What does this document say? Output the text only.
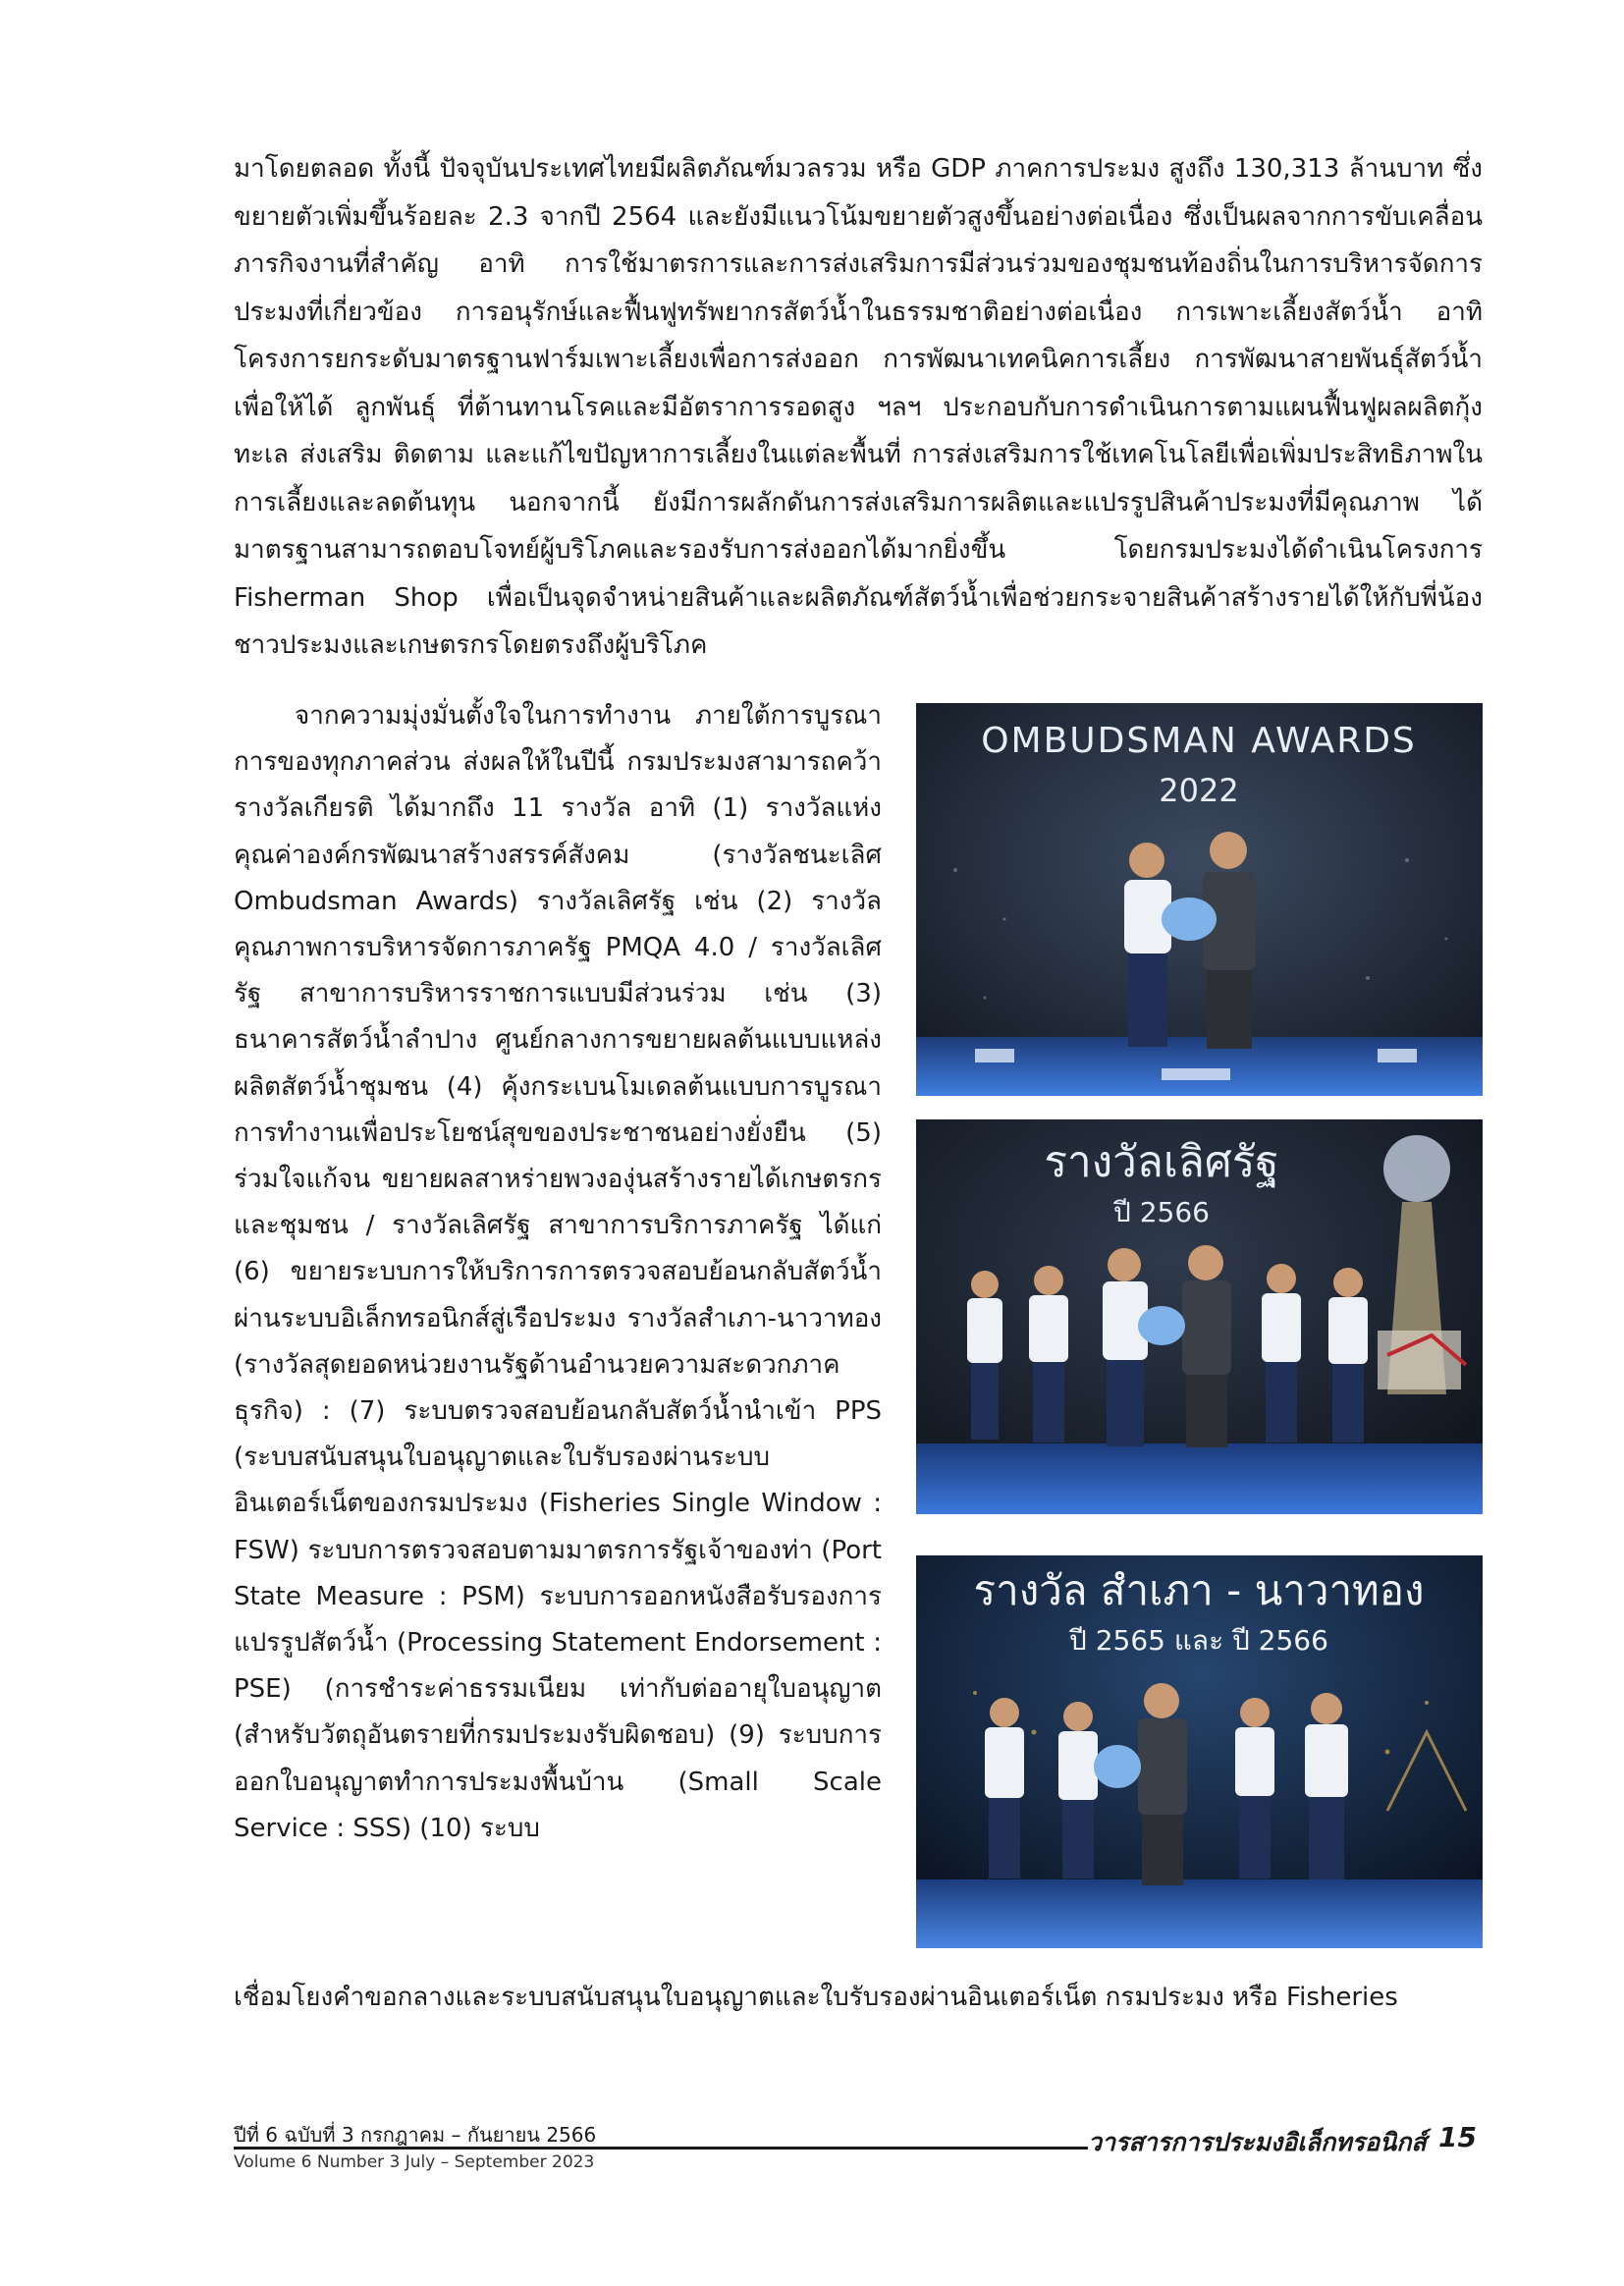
มาโดยตลอด ทั้งนี้ ปัจจุบันประเทศไทยมีผลิตภัณฑ์มวลรวม หรือ GDP ภาคการประมง สูงถึง 130,313 ล้านบาท ซึ่งขยายตัวเพิ่มขึ้นร้อยละ 2.3 จากปี 2564 และยังมีแนวโน้มขยายตัวสูงขึ้นอย่างต่อเนื่อง ซึ่งเป็นผลจากการขับเคลื่อนภารกิจงานที่สำคัญ อาทิ การใช้มาตรการและการส่งเสริมการมีส่วนร่วมของชุมชนท้องถิ่นในการบริหารจัดการประมงที่เกี่ยวข้อง การอนุรักษ์และฟื้นฟูทรัพยากรสัตว์น้ำในธรรมชาติอย่างต่อเนื่อง การเพาะเลี้ยงสัตว์น้ำ อาทิ โครงการยกระดับมาตรฐานฟาร์มเพาะเลี้ยงเพื่อการส่งออก การพัฒนาเทคนิคการเลี้ยง การพัฒนาสายพันธุ์สัตว์น้ำเพื่อให้ได้ ลูกพันธุ์ ที่ต้านทานโรคและมีอัตราการรอดสูง ฯลฯ ประกอบกับการดำเนินการตามแผนฟื้นฟูผลผลิตกุ้งทะเล ส่งเสริม ติดตาม และแก้ไขปัญหาการเลี้ยงในแต่ละพื้นที่ การส่งเสริมการใช้เทคโนโลยีเพื่อเพิ่มประสิทธิภาพในการเลี้ยงและลดต้นทุน นอกจากนี้ ยังมีการผลักดันการส่งเสริมการผลิตและแปรรูปสินค้าประมงที่มีคุณภาพ ได้มาตรฐานสามารถตอบโจทย์ผู้บริโภคและรองรับการส่งออกได้มากยิ่งขึ้น โดยกรมประมงได้ดำเนินโครงการ Fisherman Shop เพื่อเป็นจุดจำหน่ายสินค้าและผลิตภัณฑ์สัตว์น้ำเพื่อช่วยกระจายสินค้าสร้างรายได้ให้กับพี่น้องชาวประมงและเกษตรกรโดยตรงถึงผู้บริโภค

จากความมุ่งมั่นตั้งใจในการทำงาน ภายใต้การบูรณาการของทุกภาคส่วน ส่งผลให้ในปีนี้ กรมประมงสามารถคว้ารางวัลเกียรติ ได้มากถึง 11 รางวัล อาทิ (1) รางวัลแห่งคุณค่าองค์กรพัฒนาสร้างสรรค์สังคม (รางวัลชนะเลิศ Ombudsman Awards) รางวัลเลิศรัฐ เช่น (2) รางวัลคุณภาพการบริหารจัดการภาครัฐ PMQA 4.0 / รางวัลเลิศรัฐ สาขาการบริหารราชการแบบมีส่วนร่วม เช่น (3) ธนาคารสัตว์น้ำลำปาง ศูนย์กลางการขยายผลต้นแบบแหล่งผลิตสัตว์น้ำชุมชน (4) คุ้งกระเบนโมเดลต้นแบบการบูรณาการทำงานเพื่อประโยชน์สุขของประชาชนอย่างยั่งยืน (5) ร่วมใจแก้จน ขยายผลสาหร่ายพวงองุ่นสร้างรายได้เกษตรกรและชุมชน / รางวัลเลิศรัฐ สาขาการบริการภาครัฐ ได้แก่ (6) ขยายระบบการให้บริการการตรวจสอบย้อนกลับสัตว์น้ำผ่านระบบอิเล็กทรอนิกส์สู่เรือประมง รางวัลสำเภา-นาวาทอง (รางวัลสุดยอดหน่วยงานรัฐด้านอำนวยความสะดวกภาคธุรกิจ) : (7) ระบบตรวจสอบย้อนกลับสัตว์น้ำนำเข้า PPS (ระบบสนับสนุนใบอนุญาตและใบรับรองผ่านระบบอินเตอร์เน็ตของกรมประมง (Fisheries Single Window : FSW) ระบบการตรวจสอบตามมาตรการรัฐเจ้าของท่า (Port State Measure : PSM) ระบบการออกหนังสือรับรองการแปรรูปสัตว์น้ำ (Processing Statement Endorsement : PSE) (การชำระค่าธรรมเนียม เท่ากับต่ออายุใบอนุญาต (สำหรับวัตถุอันตรายที่กรมประมงรับผิดชอบ) (9) ระบบการออกใบอนุญาตทำการประมงพื้นบ้าน (Small Scale Service : SSS) (10) ระบบ

OMBUDSMAN AWARDS
2022
รางวัลเลิศรัฐ
ปี 2566
รางวัล สำเภา - นาวาทอง
ปี 2565 และ ปี 2566

เชื่อมโยงคำขอกลางและระบบสนับสนุนใบอนุญาตและใบรับรองผ่านอินเตอร์เน็ต กรมประมง หรือ Fisheries

ปีที่ 6 ฉบับที่ 3 กรกฎาคม – กันยายน 2566	วารสารการประมงอิเล็กทรอนิกส์ 15
Volume 6 Number 3 July – September 2023
